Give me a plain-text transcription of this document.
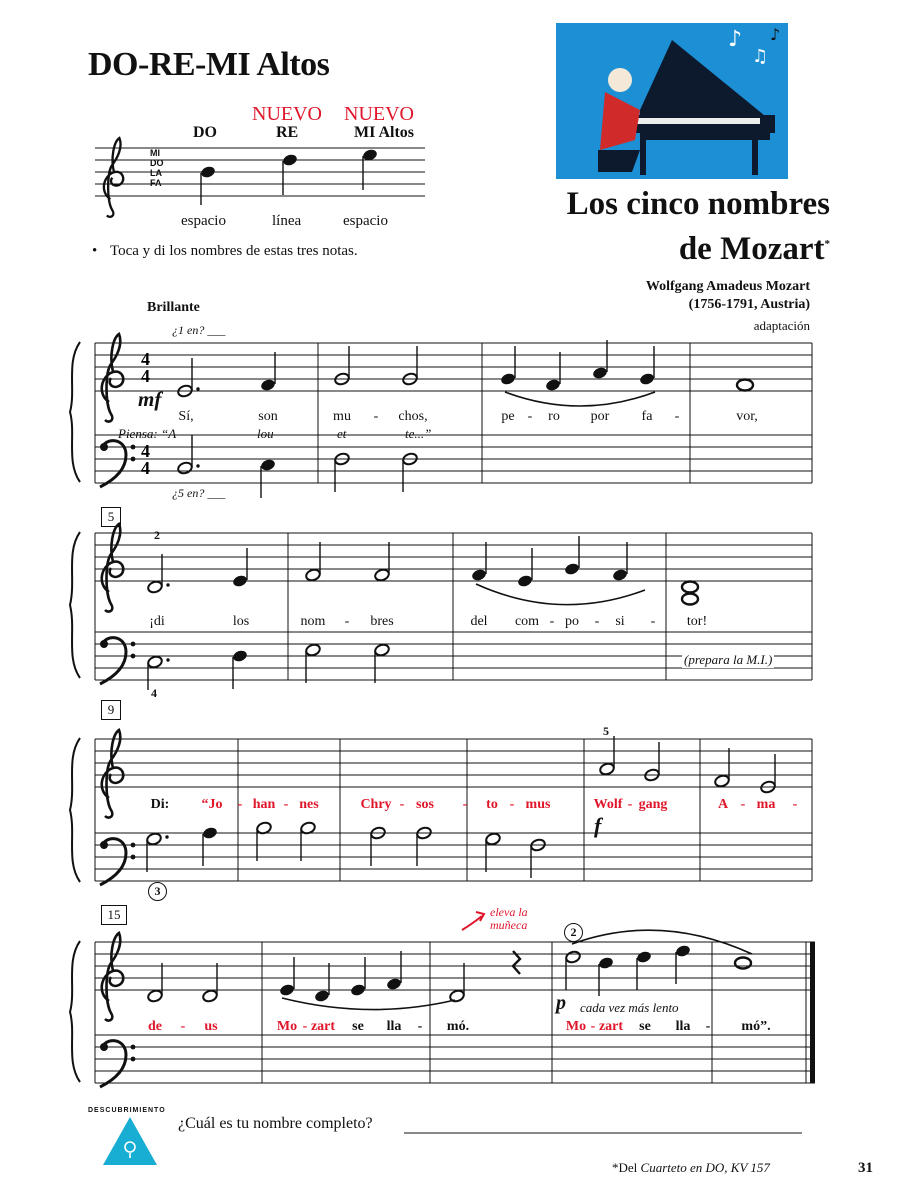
DO-RE-MI Altos
NUEVO NUEVO
DO	RE	MI Altos
MI
DO
LA
FA
espacio	línea	espacio
• Toca y di los nombres de estas tres notas.
Los cinco nombres
de Mozart*
Wolfgang Amadeus Mozart
(1756-1791, Austria)
adaptación
♪
♫
♪
4
4
4
4
Brillante
¿1 en? ___
mf
¿5 en? ___
Piensa: “A	lou	et	te...”
Sí,	son	mu - chos,	pe - ro por fa -	vor,
5
2
4
(prepara la M.I.)
¡di	los	nom - bres	del com - po - si - tor!
9
5
f
3
Di: “Jo - han - nes	Chry - sos - to - mus	Wolf - gang	A - ma -
15	eleva la
muñeca	2
p cada vez más lento
de - us	Mo - zart se lla - mó.	Mo - zart se lla - mó”.
DESCUBRIMIENTO
¿Cuál es tu nombre completo?
*Del Cuarteto en DO, KV 157	31
